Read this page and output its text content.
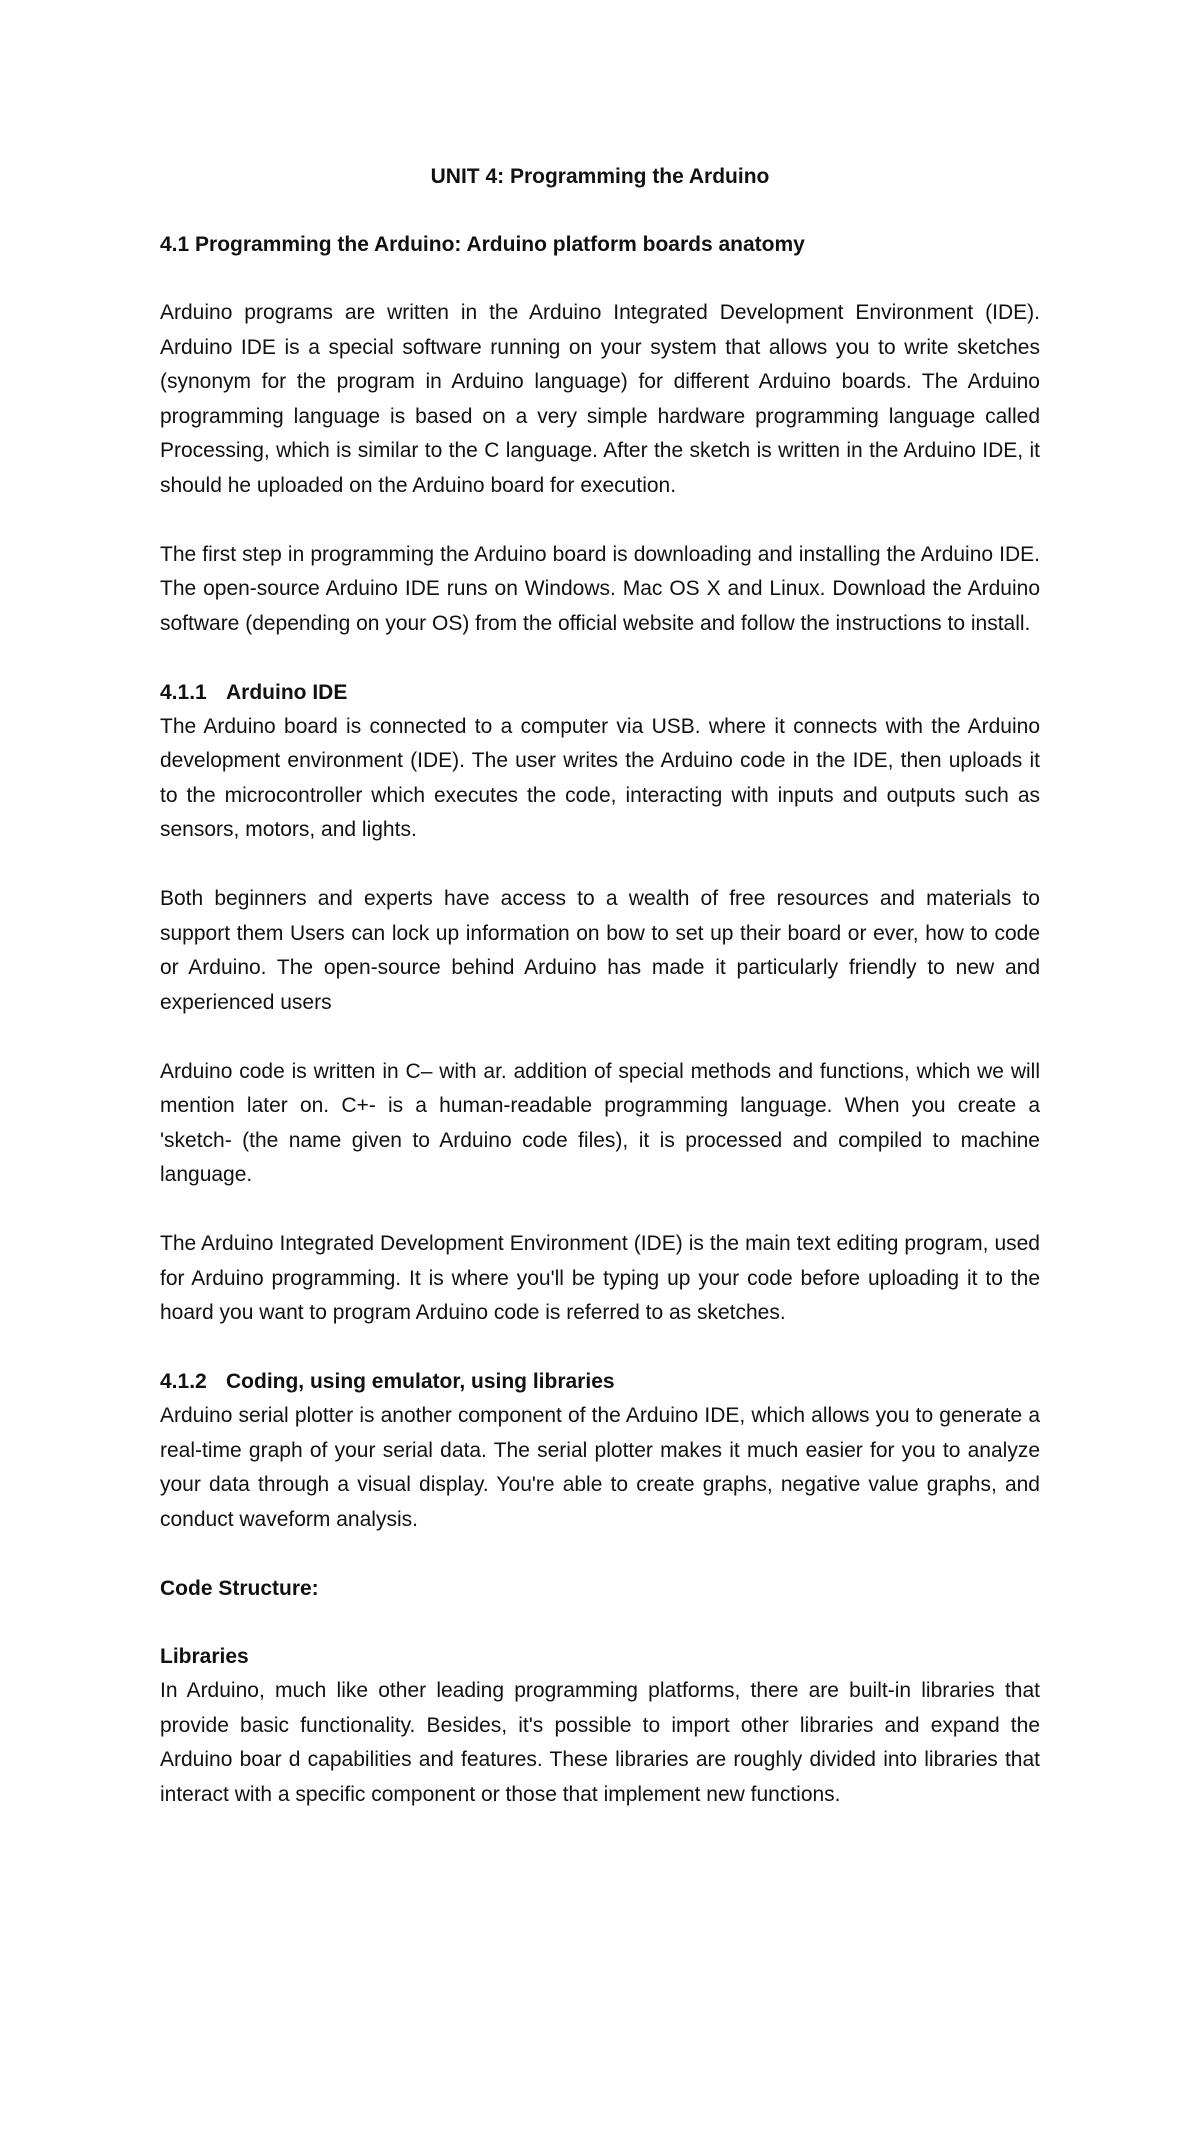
UNIT 4: Programming the Arduino
4.1 Programming the Arduino: Arduino platform boards anatomy

Arduino programs are written in the Arduino Integrated Development Environment (IDE). Arduino IDE is a special software running on your system that allows you to write sketches (synonym for the program in Arduino language) for different Arduino boards. The Arduino programming language is based on a very simple hardware programming language called Processing, which is similar to the C language. After the sketch is written in the Arduino IDE, it should he uploaded on the Arduino board for execution.

The first step in programming the Arduino board is downloading and installing the Arduino IDE. The open-source Arduino IDE runs on Windows. Mac OS X and Linux. Download the Arduino software (depending on your OS) from the official website and follow the instructions to install.

4.1.1 Arduino IDE

The Arduino board is connected to a computer via USB. where it connects with the Arduino development environment (IDE). The user writes the Arduino code in the IDE, then uploads it to the microcontroller which executes the code, interacting with inputs and outputs such as sensors, motors, and lights.

Both beginners and experts have access to a wealth of free resources and materials to support them Users can lock up information on bow to set up their board or ever, how to code or Arduino. The open-source behind Arduino has made it particularly friendly to new and experienced users

Arduino code is written in C– with ar. addition of special methods and functions, which we will mention later on. C+- is a human-readable programming language. When you create a 'sketch- (the name given to Arduino code files), it is processed and compiled to machine language.

The Arduino Integrated Development Environment (IDE) is the main text editing program, used for Arduino programming. It is where you'll be typing up your code before uploading it to the hoard you want to program Arduino code is referred to as sketches.

4.1.2 Coding, using emulator, using libraries

Arduino serial plotter is another component of the Arduino IDE, which allows you to generate a real-time graph of your serial data. The serial plotter makes it much easier for you to analyze your data through a visual display. You're able to create graphs, negative value graphs, and conduct waveform analysis.

Code Structure:
Libraries

In Arduino, much like other leading programming platforms, there are built-in libraries that provide basic functionality. Besides, it's possible to import other libraries and expand the Arduino boar d capabilities and features. These libraries are roughly divided into libraries that interact with a specific component or those that implement new functions.
